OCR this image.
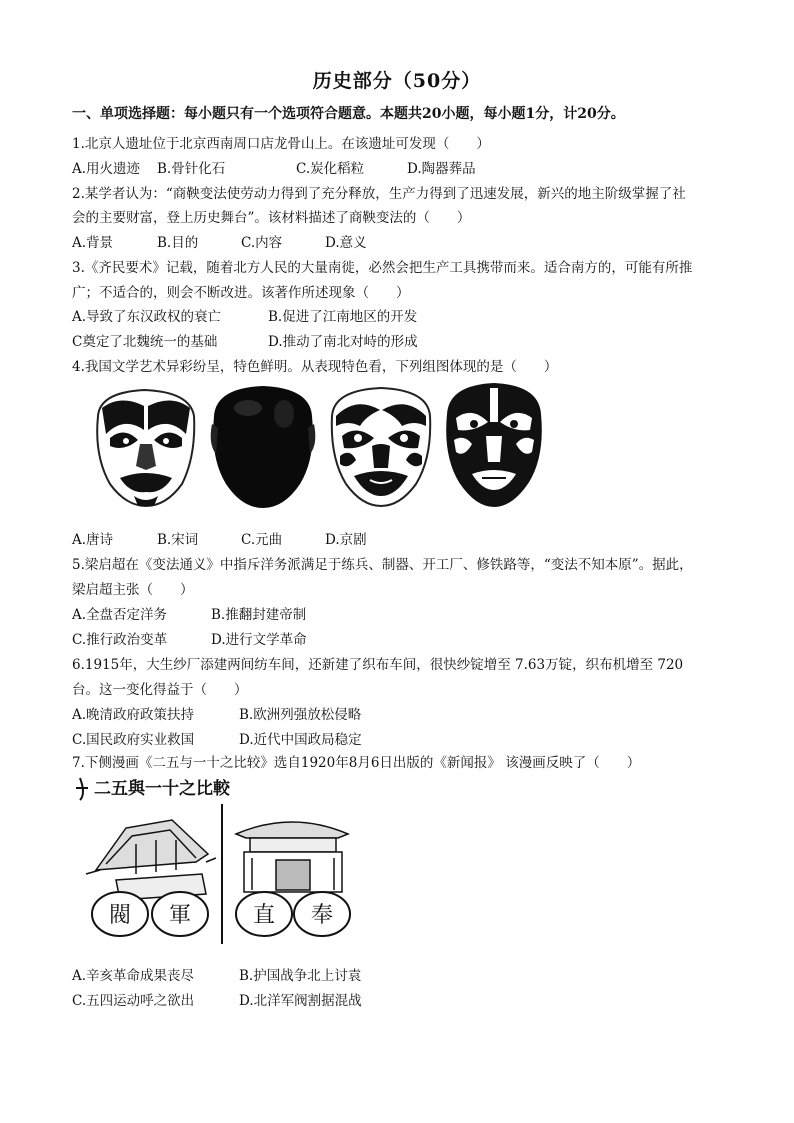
历史部分（50分）
一、单项选择题：每小题只有一个选项符合题意。本题共20小题，每小题1分，计20分。
1.北京人遗址位于北京西南周口店龙骨山上。在该遗址可发现（　　）
A.用火遗迹 B.骨针化石	C.炭化稻粒	D.陶器葬品
2.某学者认为：“商鞅变法使劳动力得到了充分释放，生产力得到了迅速发展，新兴的地主阶级掌握了社
会的主要财富，登上历史舞台”。该材料描述了商鞅变法的（　　）
A.背景	B.目的	C.内容	D.意义
3.《齐民要术》记载，随着北方人民的大量南徙，必然会把生产工具携带而来。适合南方的，可能有所推
广；不适合的，则会不断改进。该著作所述现象（　　）
A.导致了东汉政权的衰亡	B.促进了江南地区的开发
C奠定了北魏统一的基础	D.推动了南北对峙的形成
4.我国文学艺术异彩纷呈，特色鲜明。从表现特色看，下列组图体现的是（　　）
A.唐诗	B.宋词	C.元曲	D.京剧
5.梁启超在《变法通义》中指斥洋务派满足于练兵、制器、开工厂、修铁路等，“变法不知本原”。据此，
梁启超主张（　　）
A.全盘否定洋务	B.推翻封建帝制
C.推行政治变革	D.进行文学革命
6.1915年，大生纱厂添建两间纺车间，还新建了织布车间，很快纱锭增至 7.63万锭，织布机增至 720
台。这一变化得益于（　　）
A.晚清政府政策扶持	B.欧洲列强放松侵略
C.国民政府实业救国	D.近代中国政局稳定
7.下侧漫画《二五与一十之比较》选自1920年8月6日出版的《新闻报》 该漫画反映了（　　）
二五與一十之比較
閥 軍	直 奉
A.辛亥革命成果丧尽	B.护国战争北上讨袁
C.五四运动呼之欲出	D.北洋军阀割据混战
